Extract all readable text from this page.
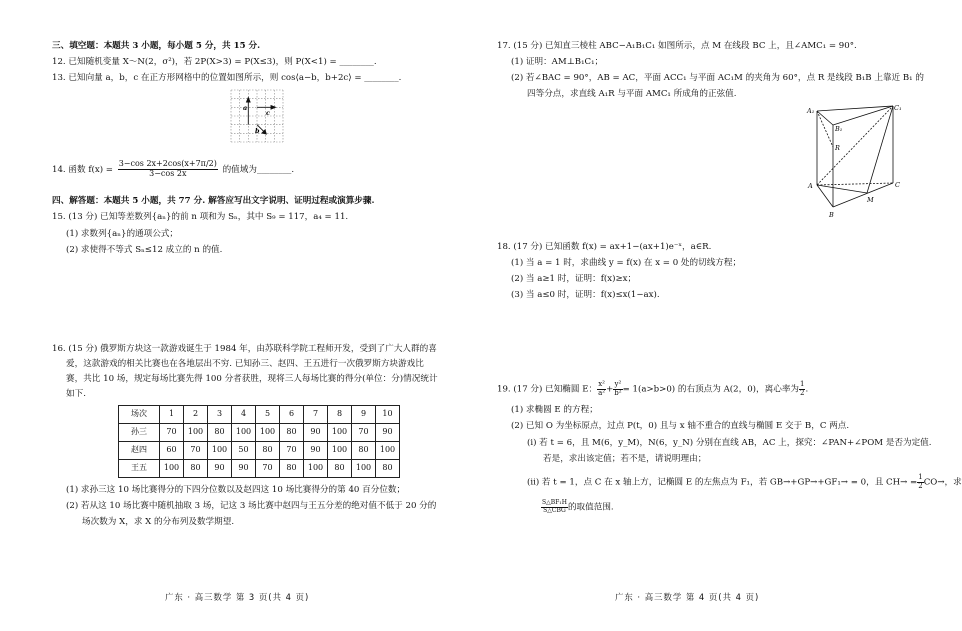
三、填空题：本题共 3 小题，每小题 5 分，共 15 分.
12. 已知随机变量 X～N(2，σ²)，若 2P(X>3) = P(X≤3)，则 P(X<1) = ________.
13. 已知向量 a，b，c 在正方形网格中的位置如图所示，则 cos⟨a−b，b+2c⟩ = ________.
a
c
b
14. 函数 $f(x) = \frac{3-\cos 2x+2\cos(x+7\pi/2)}{3-\cos 2x}$ 的值域为________.
四、解答题：本题共 5 小题，共 77 分. 解答应写出文字说明、证明过程或演算步骤.
15. (13 分) 已知等差数列{aₙ}的前 n 项和为 Sₙ，其中 S₉ = 117，a₄ = 11.
(1) 求数列{aₙ}的通项公式；
(2) 求使得不等式 Sₙ≤12 成立的 n 的值.
16. (15 分) 俄罗斯方块这一款游戏诞生于 1984 年，由苏联科学院工程师开发，受到了广大人群的喜
爱，这款游戏的相关比赛也在各地层出不穷. 已知孙三、赵四、王五进行一次俄罗斯方块游戏比
赛，共比 10 场，规定每场比赛先得 100 分者获胜，现将三人每场比赛的得分(单位：分)情况统计
如下.
场次	1	2	3	4	5	6	7	8	9	10
孙三	70	100	80	100	100	80	90	100	70	90
赵四	60	70	100	50	80	70	90	100	80	100
王五	100	80	90	90	70	80	100	80	100	80
(1) 求孙三这 10 场比赛得分的下四分位数以及赵四这 10 场比赛得分的第 40 百分位数；
(2) 若从这 10 场比赛中随机抽取 3 场，记这 3 场比赛中赵四与王五分差的绝对值不低于 20 分的
场次数为 X，求 X 的分布列及数学期望.
广东 · 高三数学 第 3 页(共 4 页)
17. (15 分) 已知直三棱柱 ABC−A₁B₁C₁ 如图所示，点 M 在线段 BC 上，且∠AMC₁ = 90°.
(1) 证明：AM⊥B₁C₁；
(2) 若∠BAC = 90°，AB = AC，平面 ACC₁ 与平面 AC₁M 的夹角为 60°，点 R 是线段 B₁B 上靠近 B₁ 的
四等分点，求直线 A₁R 与平面 AMC₁ 所成角的正弦值.
A₁	C₁
B₁
R
A	C
M
B
18. (17 分) 已知函数 f(x) = ax+1−(ax+1)e⁻ˣ，a∈R.
(1) 当 a = 1 时，求曲线 y = f(x) 在 x = 0 处的切线方程；
(2) 当 a≥1 时，证明：f(x)≥x；
(3) 当 a≤0 时，证明：f(x)≤x(1−ax).
19. (17 分) 已知椭圆 E： $\frac{\text{x²}}{\text{a²}} + \frac{\text{y²}}{\text{b²}} = 1(a>b>0)$ 的右顶点为 A(2，0)，离心率为 $\frac{1}{2}$ .
(1) 求椭圆 E 的方程；
(2) 已知 O 为坐标原点，过点 P(t，0) 且与 x 轴不重合的直线与椭圆 E 交于 B，C 两点.
(i) 若 t = 6，且 M(6，y_M)，N(6，y_N) 分别在直线 AB，AC 上，探究：∠PAN+∠POM 是否为定值.
若是，求出该定值；若不是，请说明理由；
(ii) 若 t = 1，点 C 在 x 轴上方，记椭圆 E 的左焦点为 F₁，若 GB→+GP→+GF₁→ = 0，且 $CH\to = \frac{1}{2} CO\to$，求
$\frac{\text{S△BF₁H}}{\text{S△CBG}}$ 的取值范围.
广东 · 高三数学 第 4 页(共 4 页)
